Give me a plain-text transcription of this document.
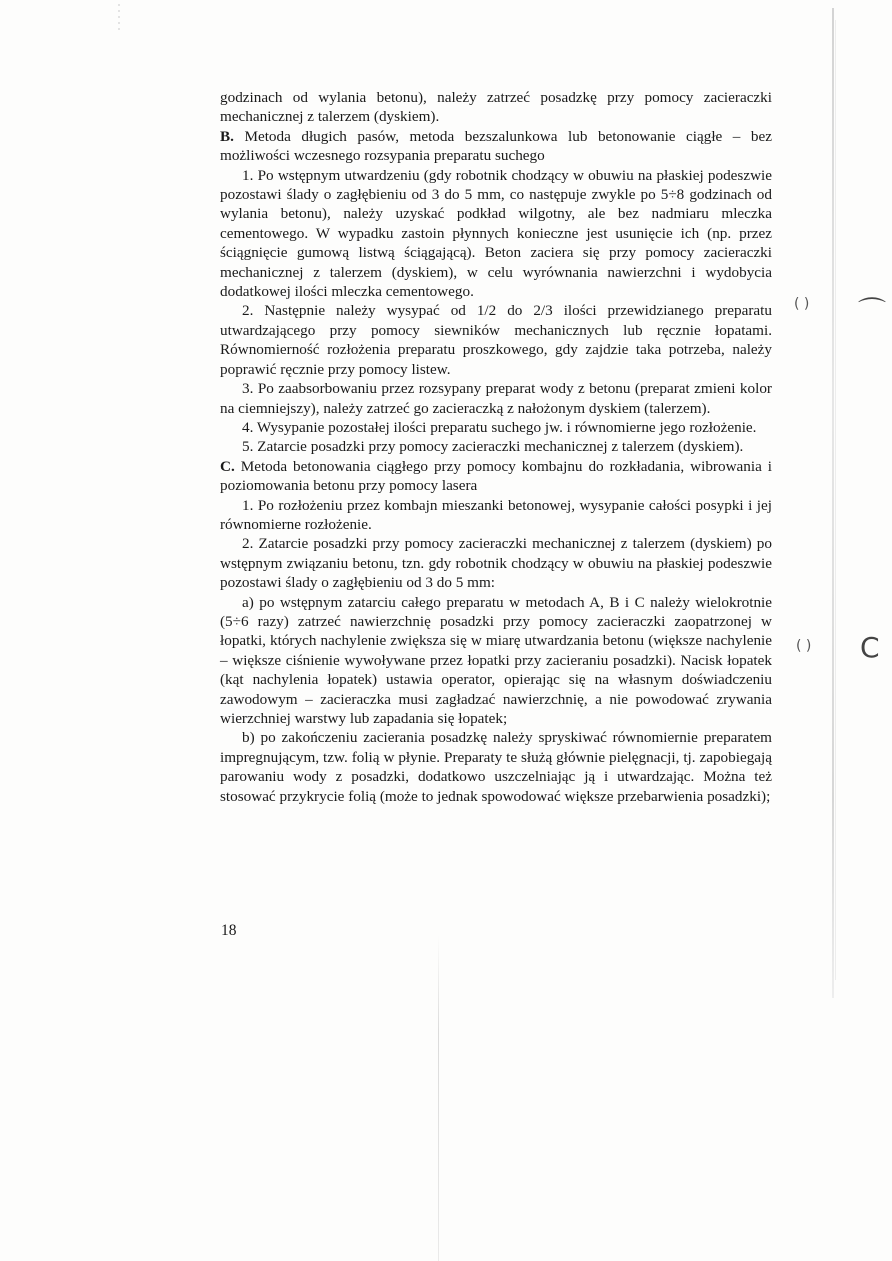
godzinach od wylania betonu), należy zatrzeć posadzkę przy pomocy zacieraczki mechanicznej z talerzem (dyskiem).

B. Metoda długich pasów, metoda bezszalunkowa lub betonowanie ciągłe – bez możliwości wczesnego rozsypania preparatu suchego

1. Po wstępnym utwardzeniu (gdy robotnik chodzący w obuwiu na płaskiej podeszwie pozostawi ślady o zagłębieniu od 3 do 5 mm, co następuje zwykle po 5÷8 godzinach od wylania betonu), należy uzyskać podkład wilgotny, ale bez nadmiaru mleczka cementowego. W wypadku zastoin płynnych konieczne jest usunięcie ich (np. przez ściągnięcie gumową listwą ściągającą). Beton zaciera się przy pomocy zacieraczki mechanicznej z talerzem (dyskiem), w celu wyrównania nawierzchni i wydobycia dodatkowej ilości mleczka cementowego.

2. Następnie należy wysypać od 1/2 do 2/3 ilości przewidzianego preparatu utwardzającego przy pomocy siewników mechanicznych lub ręcznie łopatami. Równomierność rozłożenia preparatu proszkowego, gdy zajdzie taka potrzeba, należy poprawić ręcznie przy pomocy listew.

3. Po zaabsorbowaniu przez rozsypany preparat wody z betonu (preparat zmieni kolor na ciemniejszy), należy zatrzeć go zacieraczką z nałożonym dyskiem (talerzem).

4. Wysypanie pozostałej ilości preparatu suchego jw. i równomierne jego rozłożenie.

5. Zatarcie posadzki przy pomocy zacieraczki mechanicznej z talerzem (dyskiem).

C. Metoda betonowania ciągłego przy pomocy kombajnu do rozkładania, wibrowania i poziomowania betonu przy pomocy lasera

1. Po rozłożeniu przez kombajn mieszanki betonowej, wysypanie całości posypki i jej równomierne rozłożenie.

2. Zatarcie posadzki przy pomocy zacieraczki mechanicznej z talerzem (dyskiem) po wstępnym związaniu betonu, tzn. gdy robotnik chodzący w obuwiu na płaskiej podeszwie pozostawi ślady o zagłębieniu od 3 do 5 mm:

a) po wstępnym zatarciu całego preparatu w metodach A, B i C należy wielokrotnie (5÷6 razy) zatrzeć nawierzchnię posadzki przy pomocy zacieraczki zaopatrzonej w łopatki, których nachylenie zwiększa się w miarę utwardzania betonu (większe nachylenie – większe ciśnienie wywoływane przez łopatki przy zacieraniu posadzki). Nacisk łopatek (kąt nachylenia łopatek) ustawia operator, opierając się na własnym doświadczeniu zawodowym – zacieraczka musi zagładzać nawierzchnię, a nie powodować zrywania wierzchniej warstwy lub zapadania się łopatek;

b) po zakończeniu zacierania posadzkę należy spryskiwać równomiernie preparatem impregnującym, tzw. folią w płynie. Preparaty te służą głównie pielęgnacji, tj. zapobiegają parowaniu wody z posadzki, dodatkowo uszczelniając ją i utwardzając. Można też stosować przykrycie folią (może to jednak spowodować większe przebarwienia posadzki);

18
( ) ⌒
( ) C
